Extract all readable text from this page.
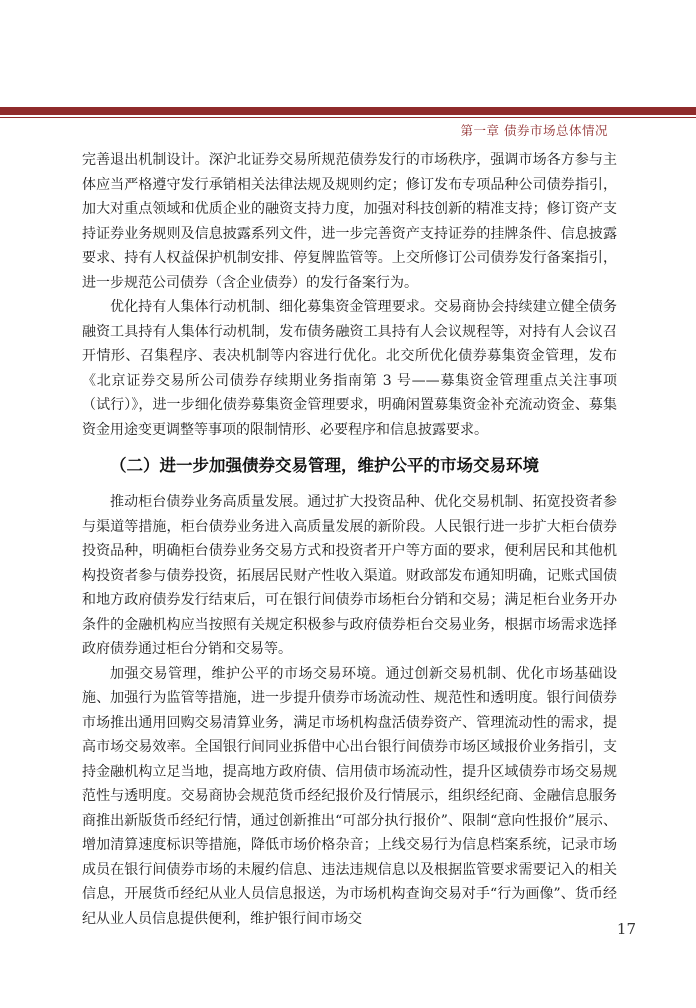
第一章 债券市场总体情况

完善退出机制设计。深沪北证券交易所规范债券发行的市场秩序，强调市场各方参与主体应当严格遵守发行承销相关法律法规及规则约定；修订发布专项品种公司债券指引，加大对重点领域和优质企业的融资支持力度，加强对科技创新的精准支持；修订资产支持证券业务规则及信息披露系列文件，进一步完善资产支持证券的挂牌条件、信息披露要求、持有人权益保护机制安排、停复牌监管等。上交所修订公司债券发行备案指引，进一步规范公司债券（含企业债券）的发行备案行为。

优化持有人集体行动机制、细化募集资金管理要求。交易商协会持续建立健全债务融资工具持有人集体行动机制，发布债务融资工具持有人会议规程等，对持有人会议召开情形、召集程序、表决机制等内容进行优化。北交所优化债券募集资金管理，发布《北京证券交易所公司债券存续期业务指南第 3 号——募集资金管理重点关注事项（试行）》，进一步细化债券募集资金管理要求，明确闲置募集资金补充流动资金、募集资金用途变更调整等事项的限制情形、必要程序和信息披露要求。

（二）进一步加强债券交易管理，维护公平的市场交易环境

推动柜台债券业务高质量发展。通过扩大投资品种、优化交易机制、拓宽投资者参与渠道等措施，柜台债券业务进入高质量发展的新阶段。人民银行进一步扩大柜台债券投资品种，明确柜台债券业务交易方式和投资者开户等方面的要求，便利居民和其他机构投资者参与债券投资，拓展居民财产性收入渠道。财政部发布通知明确，记账式国债和地方政府债券发行结束后，可在银行间债券市场柜台分销和交易；满足柜台业务开办条件的金融机构应当按照有关规定积极参与政府债券柜台交易业务，根据市场需求选择政府债券通过柜台分销和交易等。

加强交易管理，维护公平的市场交易环境。通过创新交易机制、优化市场基础设施、加强行为监管等措施，进一步提升债券市场流动性、规范性和透明度。银行间债券市场推出通用回购交易清算业务，满足市场机构盘活债券资产、管理流动性的需求，提高市场交易效率。全国银行间同业拆借中心出台银行间债券市场区域报价业务指引，支持金融机构立足当地，提高地方政府债、信用债市场流动性，提升区域债券市场交易规范性与透明度。交易商协会规范货币经纪报价及行情展示，组织经纪商、金融信息服务商推出新版货币经纪行情，通过创新推出“可部分执行报价”、限制“意向性报价”展示、增加清算速度标识等措施，降低市场价格杂音；上线交易行为信息档案系统，记录市场成员在银行间债券市场的未履约信息、违法违规信息以及根据监管要求需要记入的相关信息，开展货币经纪从业人员信息报送，为市场机构查询交易对手“行为画像”、货币经纪从业人员信息提供便利，维护银行间市场交

17
